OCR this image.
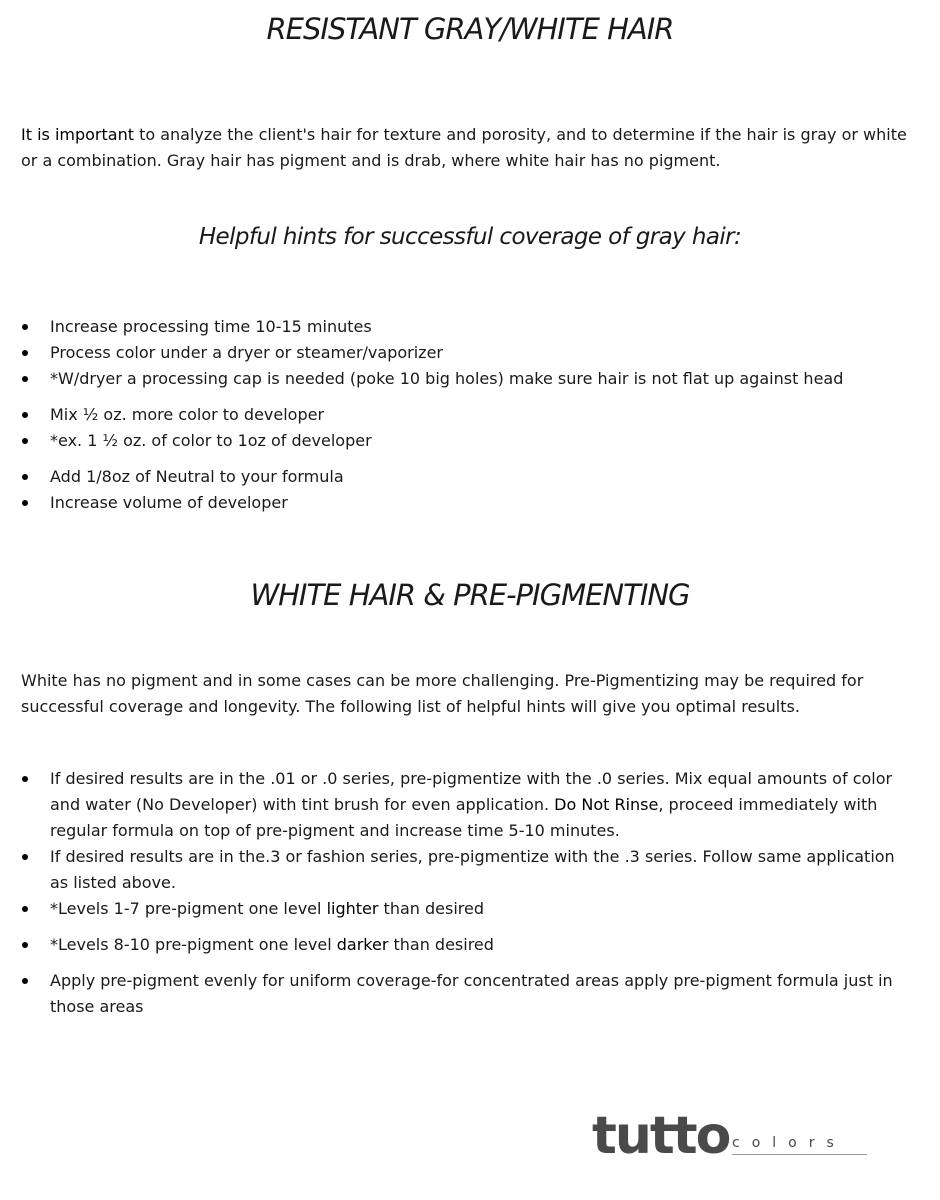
RESISTANT GRAY/WHITE HAIR

It is important to analyze the client's hair for texture and porosity, and to determine if the hair is gray or white or a combination. Gray hair has pigment and is drab, where white hair has no pigment.

Helpful hints for successful coverage of gray hair:
Increase processing time 10-15 minutes
Process color under a dryer or steamer/vaporizer
*W/dryer a processing cap is needed (poke 10 big holes) make sure hair is not flat up against head
Mix ½ oz. more color to developer
*ex. 1 ½ oz. of color to 1oz of developer
Add 1/8oz of Neutral to your formula
Increase volume of developer
WHITE HAIR & PRE-PIGMENTING

White has no pigment and in some cases can be more challenging. Pre-Pigmentizing may be required for successful coverage and longevity. The following list of helpful hints will give you optimal results.

If desired results are in the .01 or .0 series, pre-pigmentize with the .0 series. Mix equal amounts of color and water (No Developer) with tint brush for even application. Do Not Rinse, proceed immediately with regular formula on top of pre-pigment and increase time 5-10 minutes.
If desired results are in the.3 or fashion series, pre-pigmentize with the .3 series. Follow same application as listed above.
*Levels 1-7 pre-pigment one level lighter than desired
*Levels 8-10 pre-pigment one level darker than desired
Apply pre-pigment evenly for uniform coverage-for concentrated areas apply pre-pigment formula just in those areas
tutto colors
